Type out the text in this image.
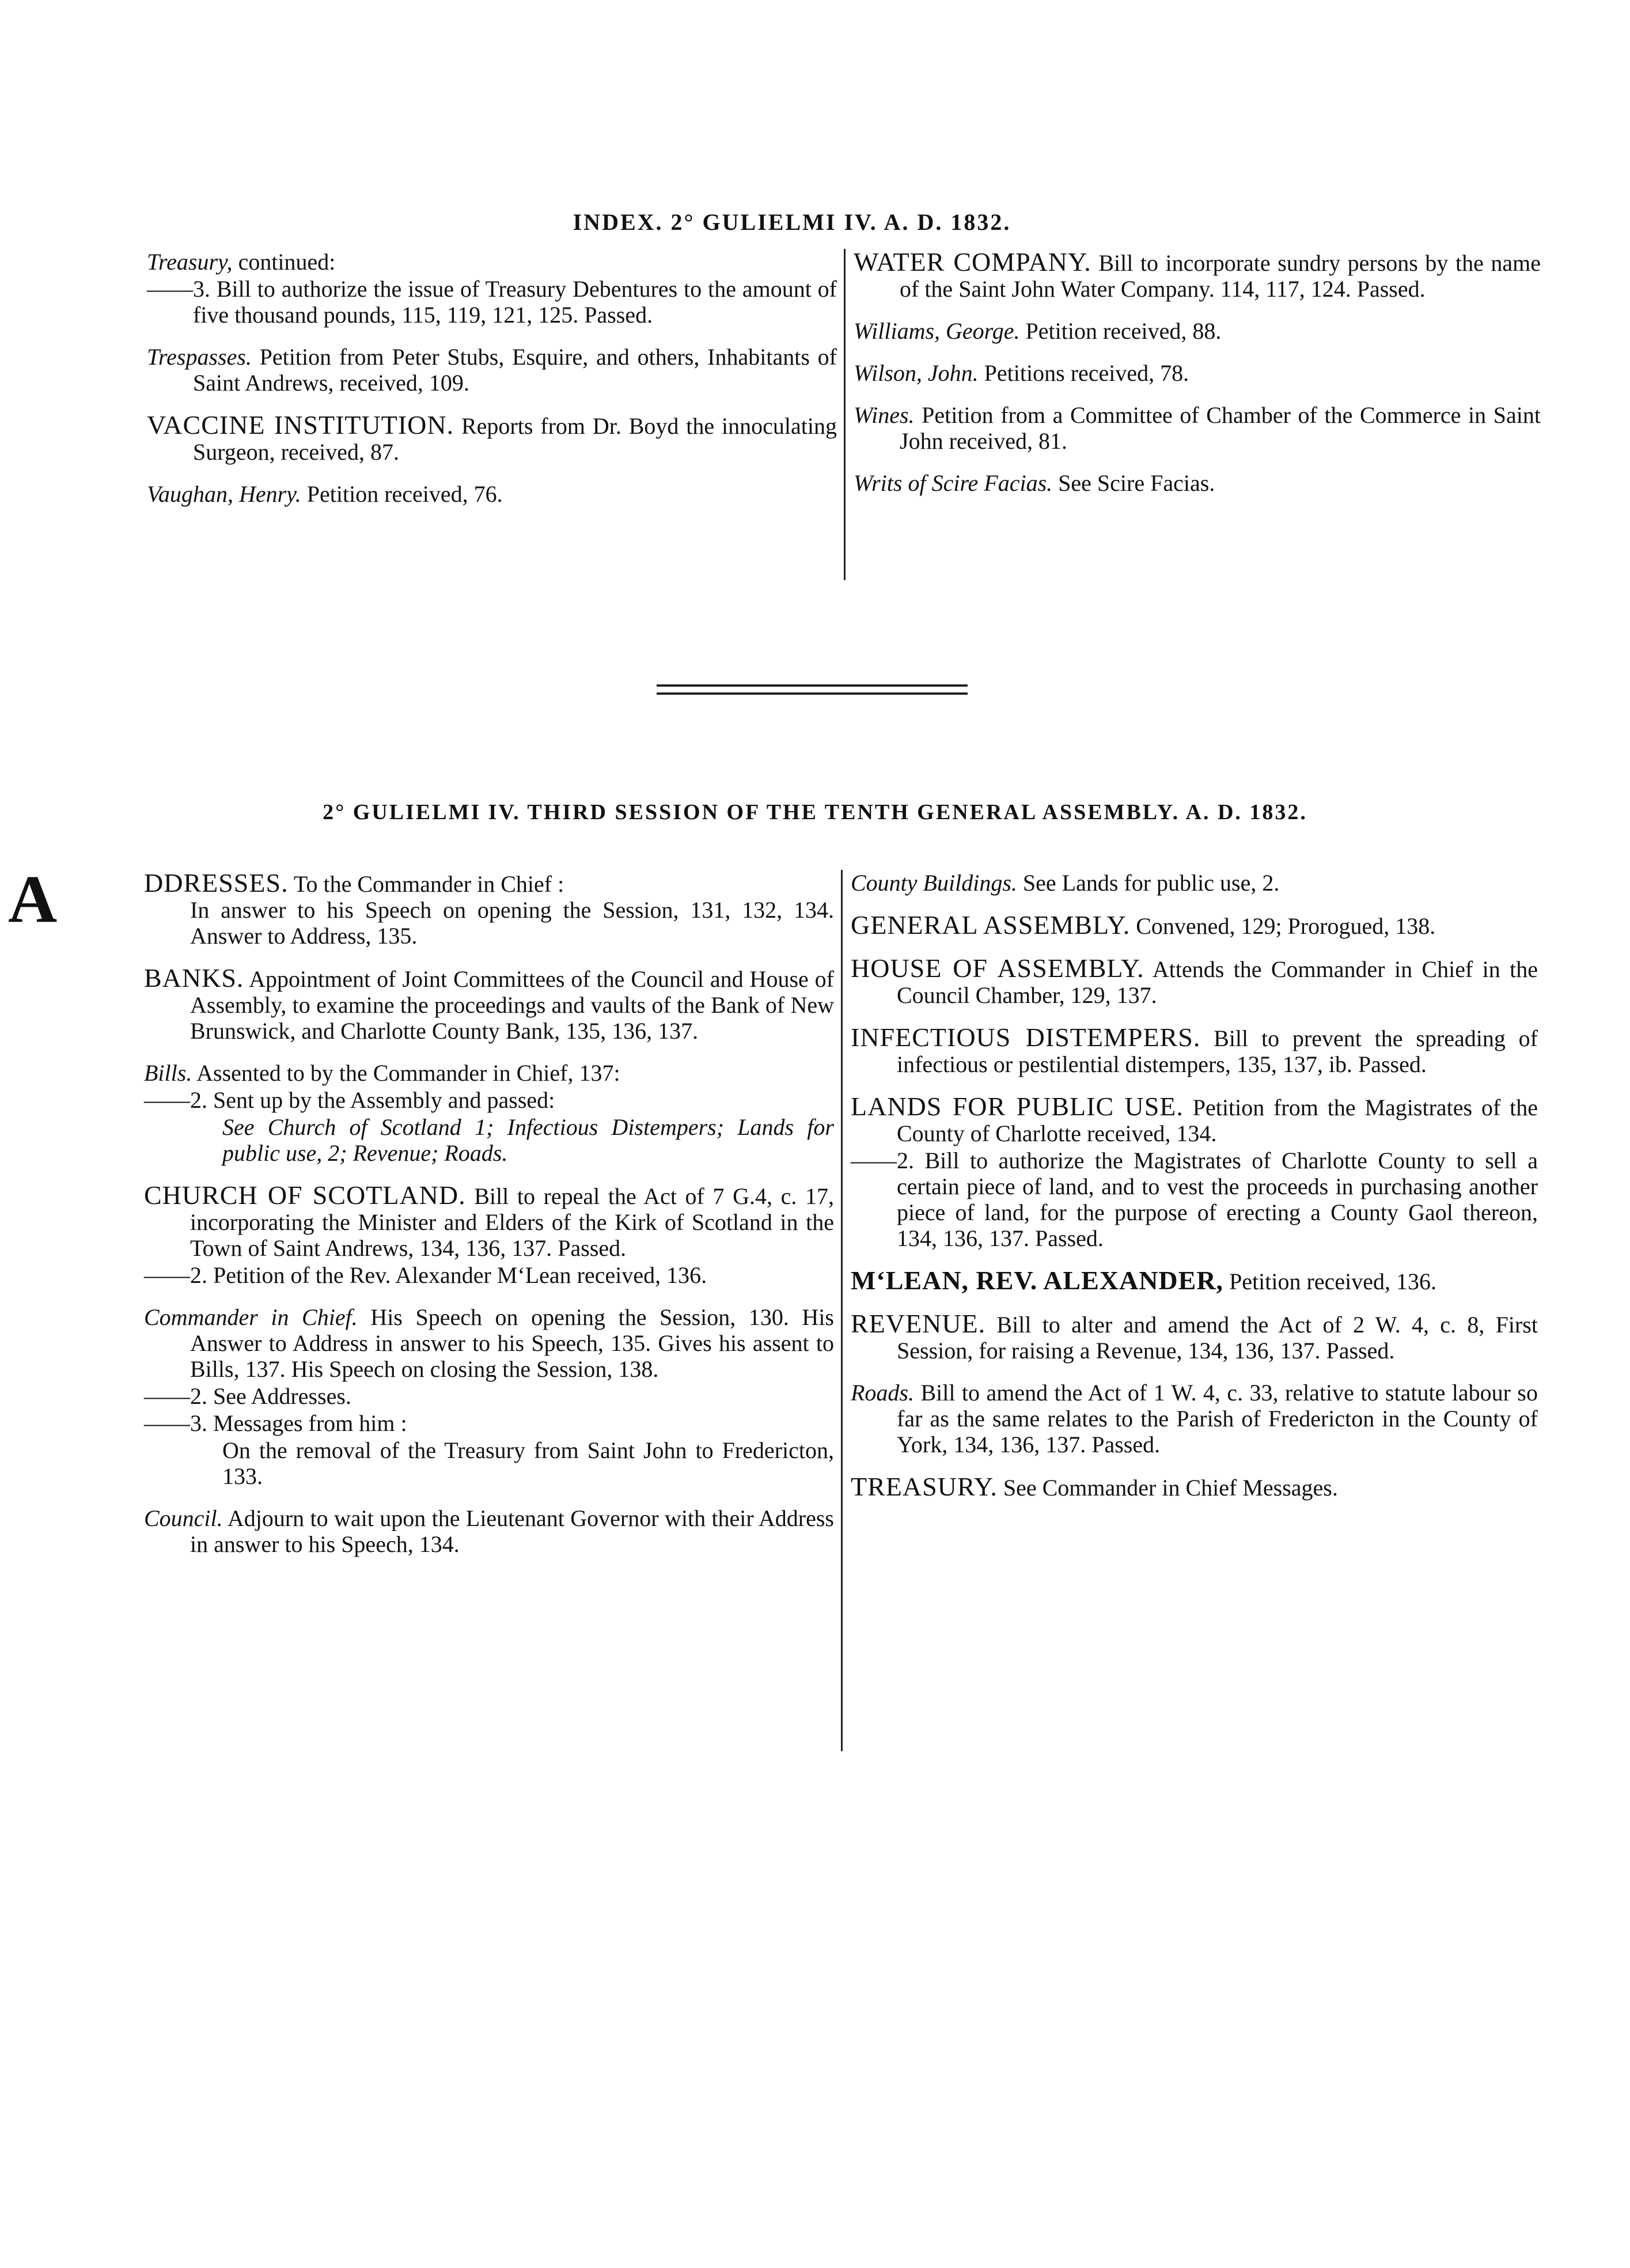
INDEX. 2° GULIELMI IV. A. D. 1832.
Treasury, continued:
——3. Bill to authorize the issue of Treasury Debentures to the amount of five thousand pounds, 115, 119, 121, 125. Passed.
Trespasses. Petition from Peter Stubs, Esquire, and others, Inhabitants of Saint Andrews, received, 109.
VACCINE INSTITUTION. Reports from Dr. Boyd the innoculating Surgeon, received, 87.
Vaughan, Henry. Petition received, 76.
WATER COMPANY. Bill to incorporate sundry persons by the name of the Saint John Water Company. 114, 117, 124. Passed.
Williams, George. Petition received, 88.
Wilson, John. Petitions received, 78.
Wines. Petition from a Committee of Chamber of the Commerce in Saint John received, 81.
Writs of Scire Facias. See Scire Facias.
2° GULIELMI IV. THIRD SESSION OF THE TENTH GENERAL ASSEMBLY. A. D. 1832.
A	DDRESSES. To the Commander in Chief :
In answer to his Speech on opening the Session, 131, 132, 134. Answer to Address, 135.
BANKS. Appointment of Joint Committees of the Council and House of Assembly, to examine the proceedings and vaults of the Bank of New Brunswick, and Charlotte County Bank, 135, 136, 137.
Bills. Assented to by the Commander in Chief, 137:
——2. Sent up by the Assembly and passed:
See Church of Scotland 1; Infectious Distempers; Lands for public use, 2; Revenue; Roads.
CHURCH OF SCOTLAND. Bill to repeal the Act of 7 G.4, c. 17, incorporating the Minister and Elders of the Kirk of Scotland in the Town of Saint Andrews, 134, 136, 137. Passed.
——2. Petition of the Rev. Alexander M‘Lean received, 136.
Commander in Chief. His Speech on opening the Session, 130. His Answer to Address in answer to his Speech, 135. Gives his assent to Bills, 137. His Speech on closing the Session, 138.
——2. See Addresses.
——3. Messages from him :
On the removal of the Treasury from Saint John to Fredericton, 133.
Council. Adjourn to wait upon the Lieutenant Governor with their Address in answer to his Speech, 134.
County Buildings. See Lands for public use, 2.
GENERAL ASSEMBLY. Convened, 129; Prorogued, 138.
HOUSE OF ASSEMBLY. Attends the Commander in Chief in the Council Chamber, 129, 137.
INFECTIOUS DISTEMPERS. Bill to prevent the spreading of infectious or pestilential distempers, 135, 137, ib. Passed.
LANDS FOR PUBLIC USE. Petition from the Magistrates of the County of Charlotte received, 134.
——2. Bill to authorize the Magistrates of Charlotte County to sell a certain piece of land, and to vest the proceeds in purchasing another piece of land, for the purpose of erecting a County Gaol thereon, 134, 136, 137. Passed.
M‘LEAN, REV. ALEXANDER, Petition received, 136.
REVENUE. Bill to alter and amend the Act of 2 W. 4, c. 8, First Session, for raising a Revenue, 134, 136, 137. Passed.
Roads. Bill to amend the Act of 1 W. 4, c. 33, relative to statute labour so far as the same relates to the Parish of Fredericton in the County of York, 134, 136, 137. Passed.
TREASURY. See Commander in Chief Messages.
